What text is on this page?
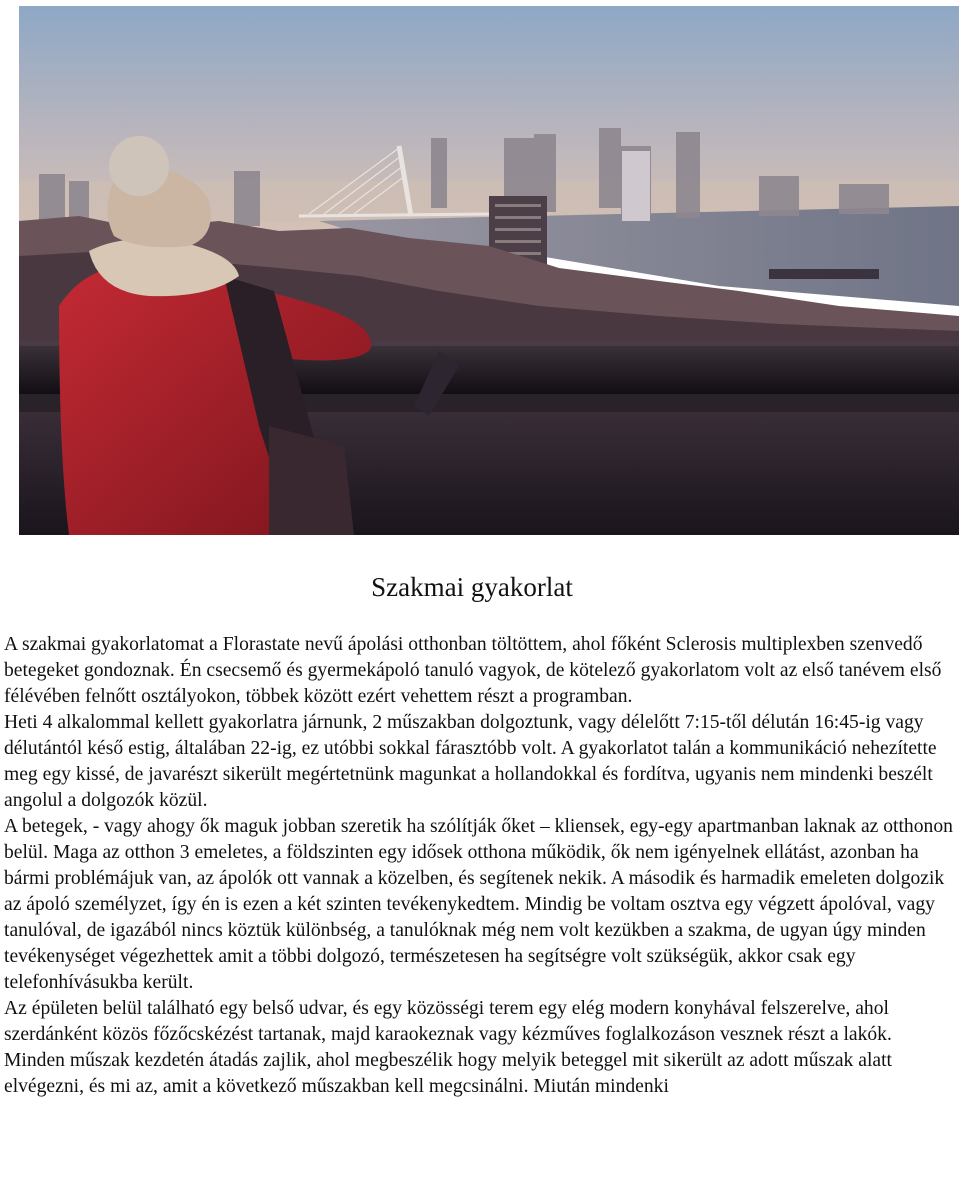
Szakmai gyakorlat

A szakmai gyakorlatomat a Florastate nevű ápolási otthonban töltöttem, ahol főként Sclerosis multiplexben szenvedő betegeket gondoznak. Én csecsemő és gyermekápoló tanuló vagyok, de kötelező gyakorlatom volt az első tanévem első félévében felnőtt osztályokon, többek között ezért vehettem részt a programban.

Heti 4 alkalommal kellett gyakorlatra járnunk, 2 műszakban dolgoztunk, vagy délelőtt 7:15-től délután 16:45-ig vagy délutántól késő estig, általában 22-ig, ez utóbbi sokkal fárasztóbb volt. A gyakorlatot talán a kommunikáció nehezítette meg egy kissé, de javarészt sikerült megértetnünk magunkat a hollandokkal és fordítva, ugyanis nem mindenki beszélt angolul a dolgozók közül.

A betegek, - vagy ahogy ők maguk jobban szeretik ha szólítják őket – kliensek, egy-egy apartmanban laknak az otthonon belül. Maga az otthon 3 emeletes, a földszinten egy idősek otthona működik, ők nem igényelnek ellátást, azonban ha bármi problémájuk van, az ápolók ott vannak a közelben, és segítenek nekik. A második és harmadik emeleten dolgozik az ápoló személyzet, így én is ezen a két szinten tevékenykedtem. Mindig be voltam osztva egy végzett ápolóval, vagy tanulóval, de igazából nincs köztük különbség, a tanulóknak még nem volt kezükben a szakma, de ugyan úgy minden tevékenységet végezhettek amit a többi dolgozó, természetesen ha segítségre volt szükségük, akkor csak egy telefonhívásukba került.

Az épületen belül található egy belső udvar, és egy közösségi terem egy elég modern konyhával felszerelve, ahol szerdánként közös főzőcskézést tartanak, majd karaokeznak vagy kézműves foglalkozáson vesznek részt a lakók.

Minden műszak kezdetén átadás zajlik, ahol megbeszélik hogy melyik beteggel mit sikerült az adott műszak alatt elvégezni, és mi az, amit a következő műszakban kell megcsinálni. Miután mindenki
